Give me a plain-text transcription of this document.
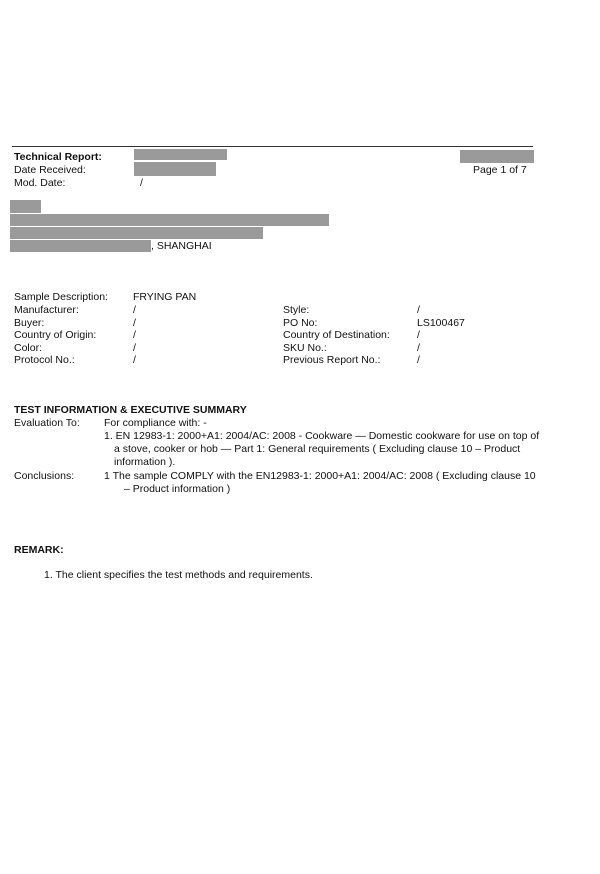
Technical Report:
Date Received:	Page 1 of 7
Mod. Date:	/
, SHANGHAI
Sample Description: FRYING PAN
Manufacturer:	/
Buyer:	/
Country of Origin:	/
Color:	/
Protocol No.:	/
Style:	/
PO No:	LS100467
Country of Destination:	/
SKU No.:	/
Previous Report No.:	/
TEST INFORMATION & EXECUTIVE SUMMARY
Evaluation To: For compliance with: -
1. EN 12983-1: 2000+A1: 2004/AC: 2008 - Cookware — Domestic cookware for use on top of a stove, cooker or hob — Part 1: General requirements ( Excluding clause 10 – Product information ).
Conclusions:	1 The sample COMPLY with the EN12983-1: 2000+A1: 2004/AC: 2008 ( Excluding clause 10 – Product information )
REMARK:
1. The client specifies the test methods and requirements.
